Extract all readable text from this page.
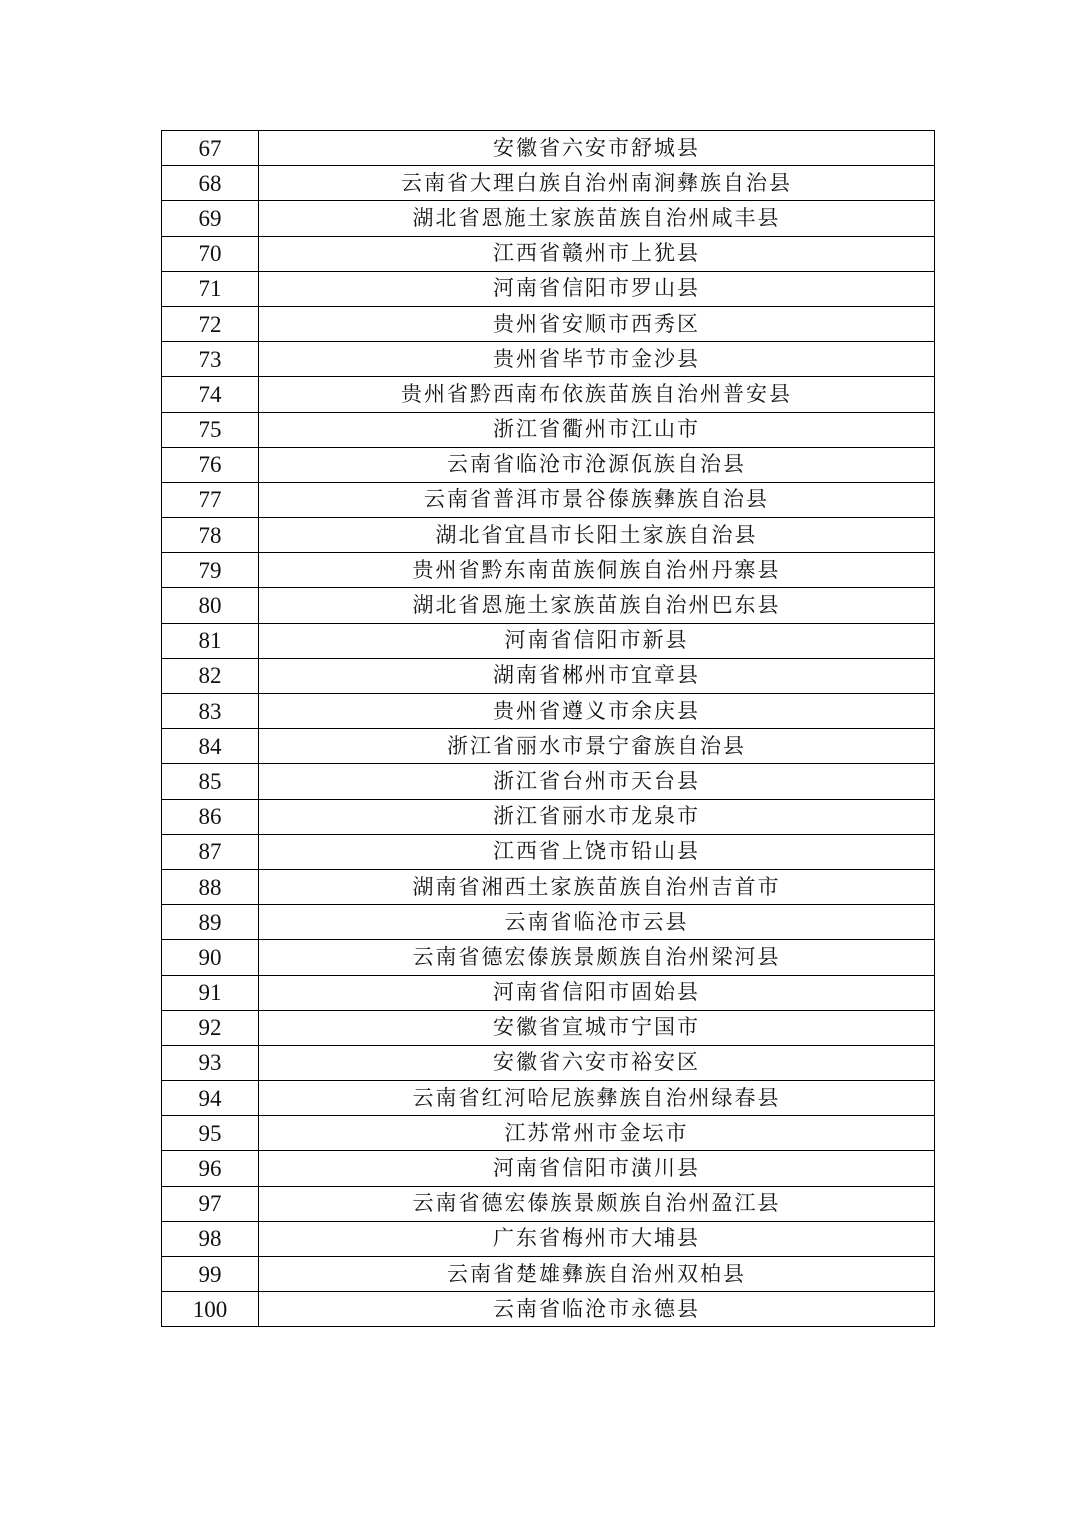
67	安徽省六安市舒城县
68	云南省大理白族自治州南涧彝族自治县
69	湖北省恩施土家族苗族自治州咸丰县
70	江西省赣州市上犹县
71	河南省信阳市罗山县
72	贵州省安顺市西秀区
73	贵州省毕节市金沙县
74	贵州省黔西南布依族苗族自治州普安县
75	浙江省衢州市江山市
76	云南省临沧市沧源佤族自治县
77	云南省普洱市景谷傣族彝族自治县
78	湖北省宜昌市长阳土家族自治县
79	贵州省黔东南苗族侗族自治州丹寨县
80	湖北省恩施土家族苗族自治州巴东县
81	河南省信阳市新县
82	湖南省郴州市宜章县
83	贵州省遵义市余庆县
84	浙江省丽水市景宁畲族自治县
85	浙江省台州市天台县
86	浙江省丽水市龙泉市
87	江西省上饶市铅山县
88	湖南省湘西土家族苗族自治州吉首市
89	云南省临沧市云县
90	云南省德宏傣族景颇族自治州梁河县
91	河南省信阳市固始县
92	安徽省宣城市宁国市
93	安徽省六安市裕安区
94	云南省红河哈尼族彝族自治州绿春县
95	江苏常州市金坛市
96	河南省信阳市潢川县
97	云南省德宏傣族景颇族自治州盈江县
98	广东省梅州市大埔县
99	云南省楚雄彝族自治州双柏县
100	云南省临沧市永德县
